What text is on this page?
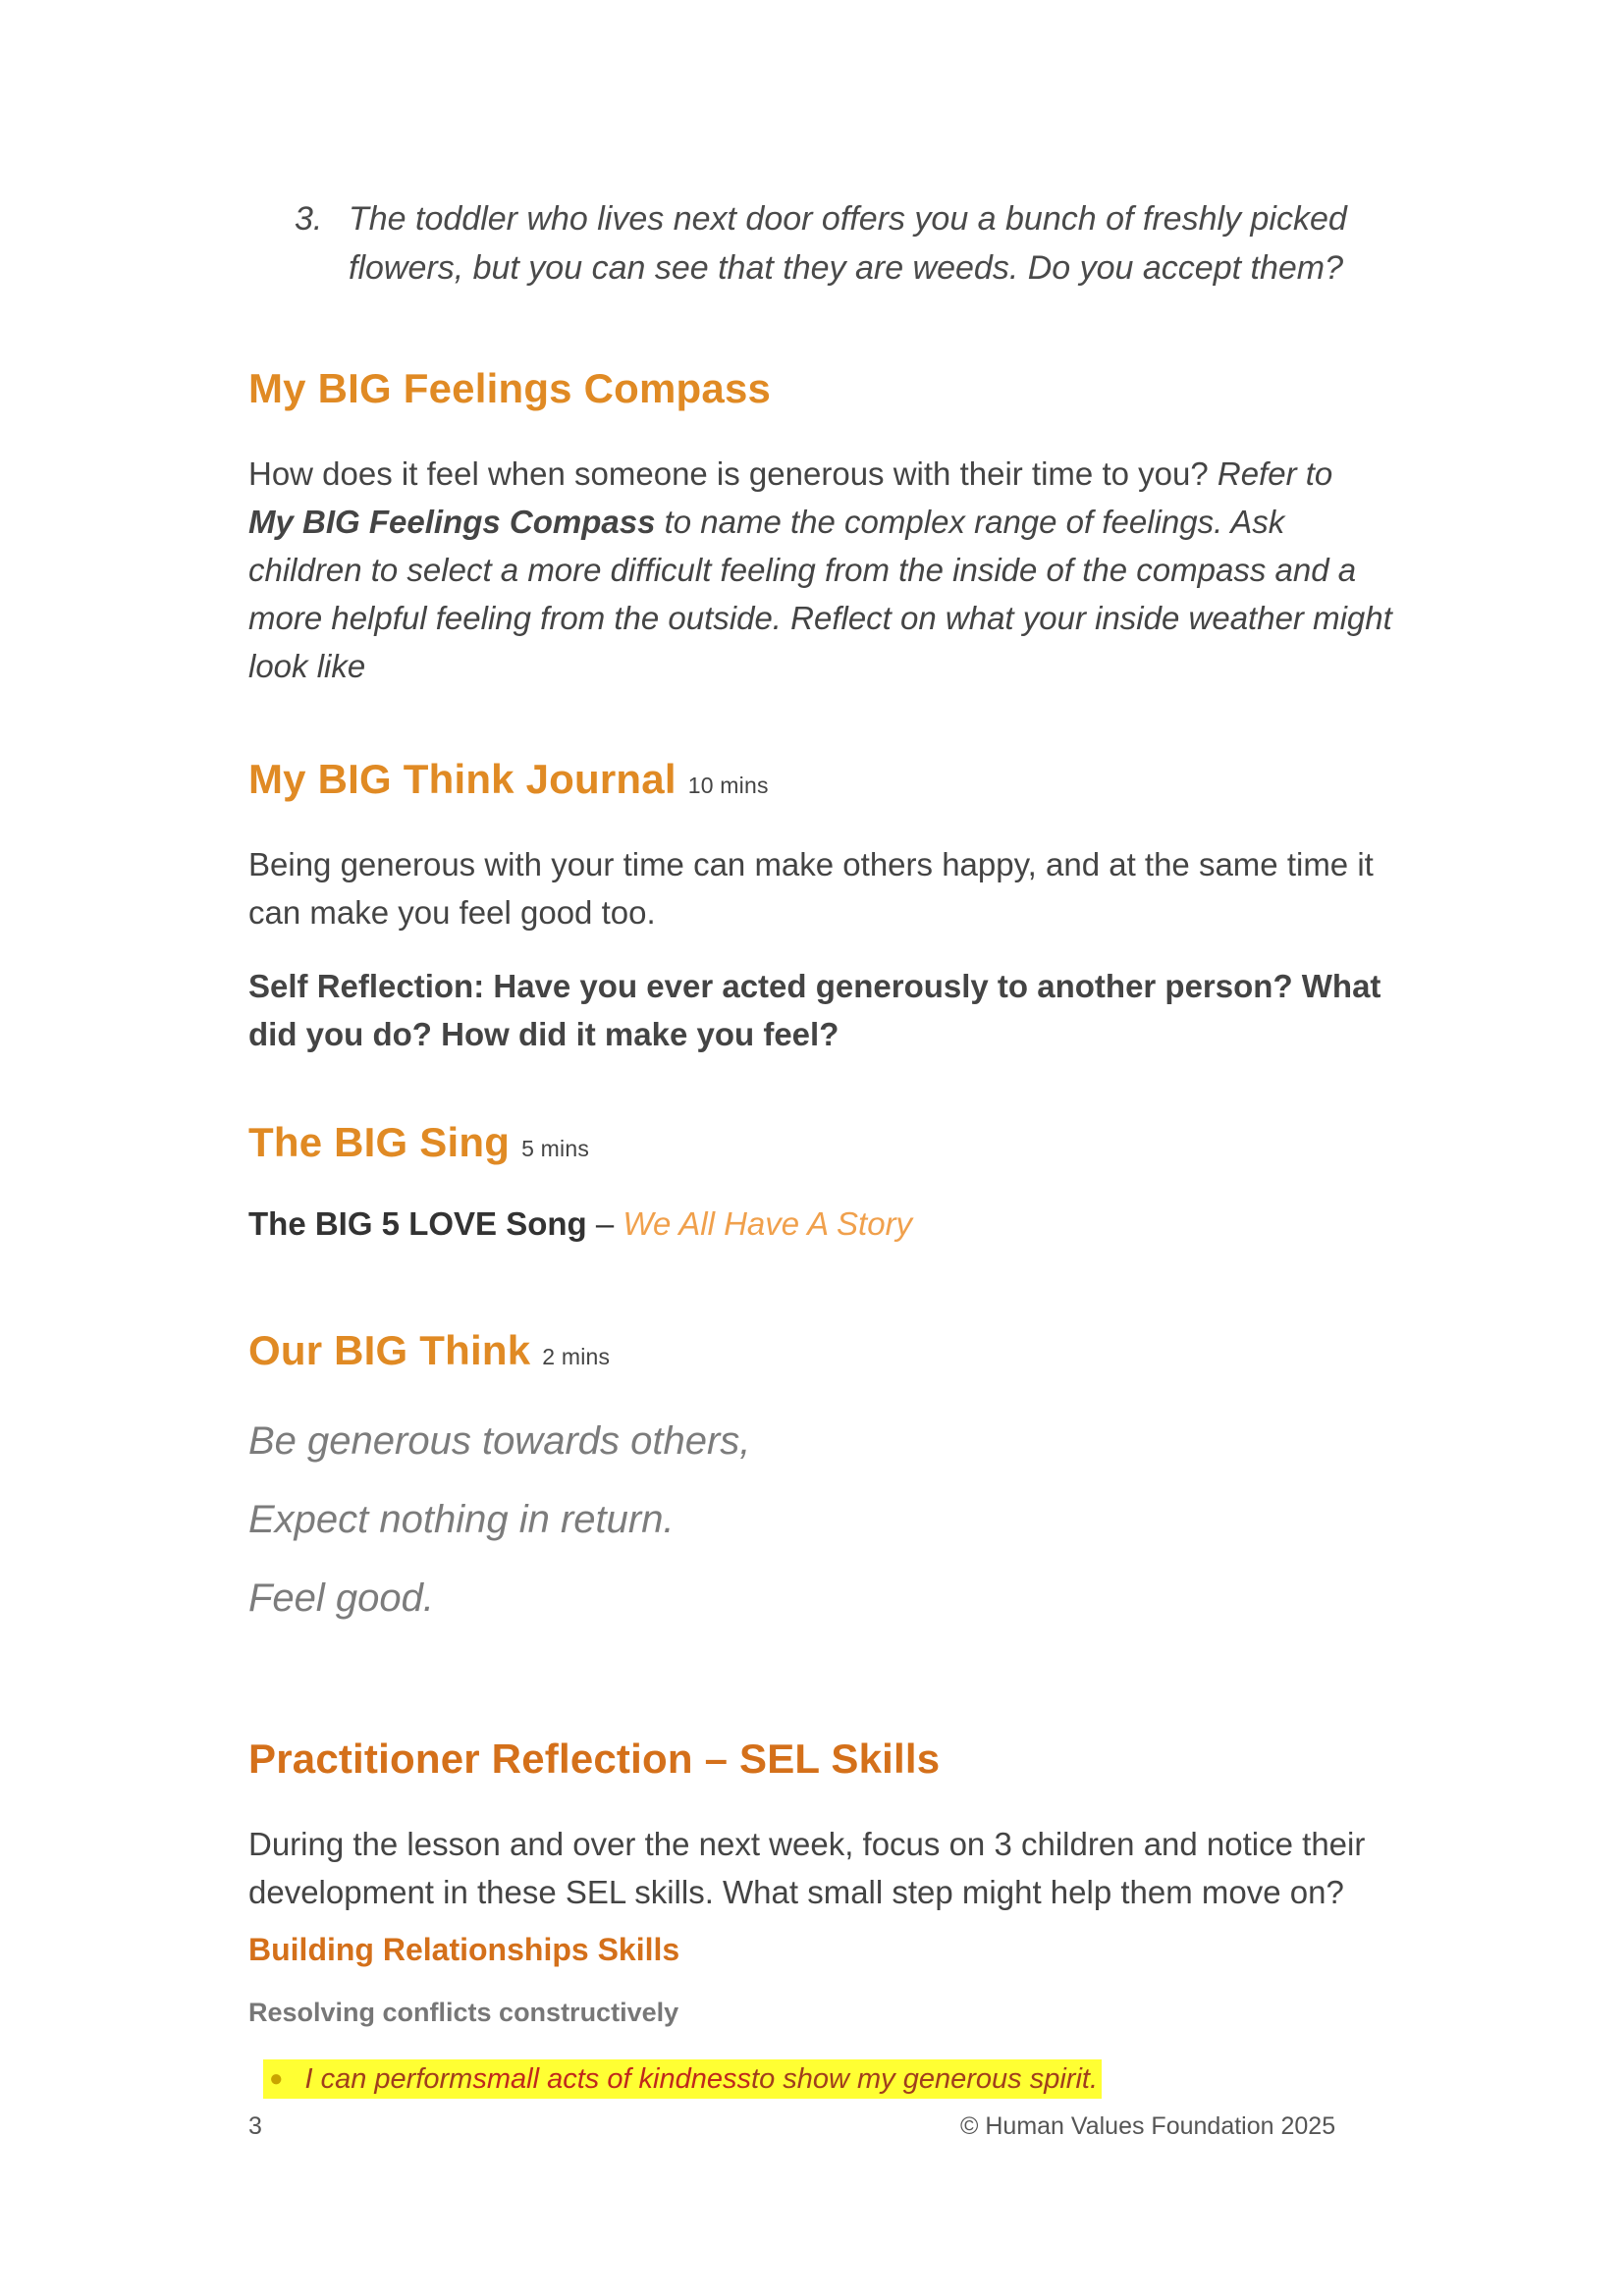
3. The toddler who lives next door offers you a bunch of freshly picked
flowers, but you can see that they are weeds. Do you accept them?
My BIG Feelings Compass
How does it feel when someone is generous with their time to you? Refer to
My BIG Feelings Compass to name the complex range of feelings. Ask children to select a more difficult feeling from the inside of the compass and a more helpful feeling from the outside. Reflect on what your inside weather might look like
My BIG Think Journal 10 mins
Being generous with your time can make others happy, and at the same time it can make you feel good too.
Self Reflection: Have you ever acted generously to another person? What did you do? How did it make you feel?
The BIG Sing 5 mins
The BIG 5 LOVE Song – We All Have A Story
Our BIG Think 2 mins
Be generous towards others,
Expect nothing in return.
Feel good.
Practitioner Reflection – SEL Skills
During the lesson and over the next week, focus on 3 children and notice their development in these SEL skills. What small step might help them move on?
Building Relationships Skills
Resolving conflicts constructively
● I can perform small acts of kindness to show my generous spirit.
3	© Human Values Foundation 2025
